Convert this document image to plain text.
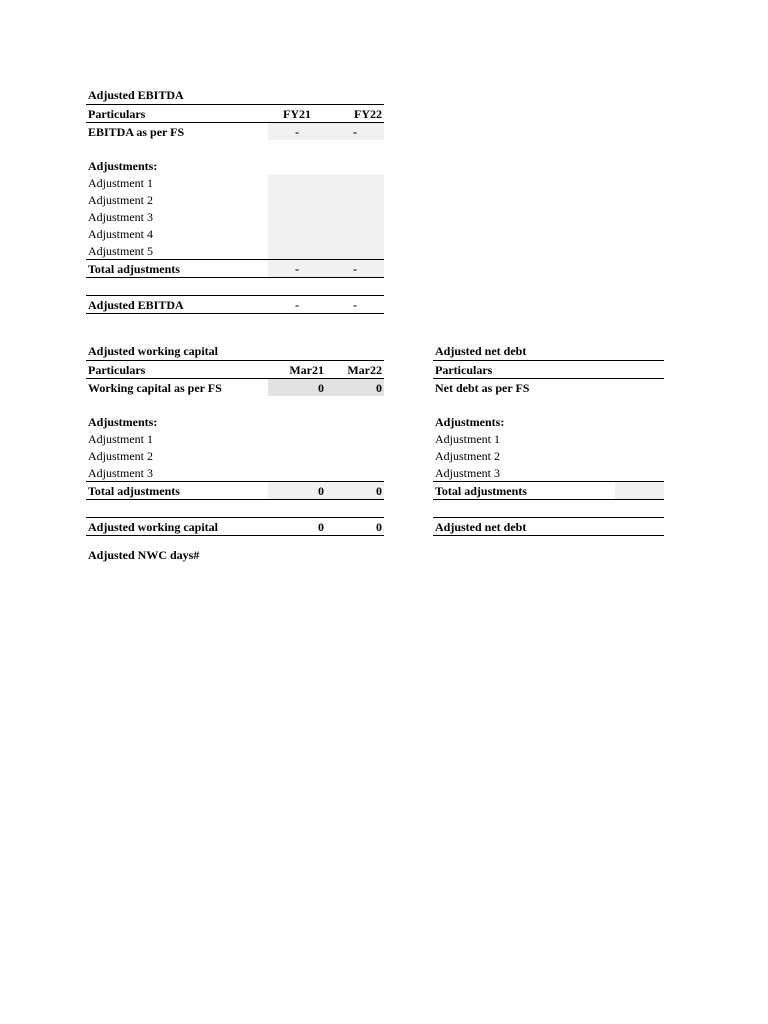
Adjusted EBITDA
Particulars	FY21	FY22
EBITDA as per FS	-	-

Adjustments:		
Adjustment 1		
Adjustment 2		
Adjustment 3		
Adjustment 4		
Adjustment 5		
Total adjustments	-	-

Adjusted EBITDA	-	-
Adjusted working capital
Particulars	Mar21	Mar22
Working capital as per FS	0	0

Adjustments:		
Adjustment 1		
Adjustment 2		
Adjustment 3		
Total adjustments	0	0

Adjusted working capital	0	0
Adjusted net debt
Particulars	
Net debt as per FS	

Adjustments:	
Adjustment 1	
Adjustment 2	
Adjustment 3	
Total adjustments	

Adjusted net debt	
Adjusted NWC days#
